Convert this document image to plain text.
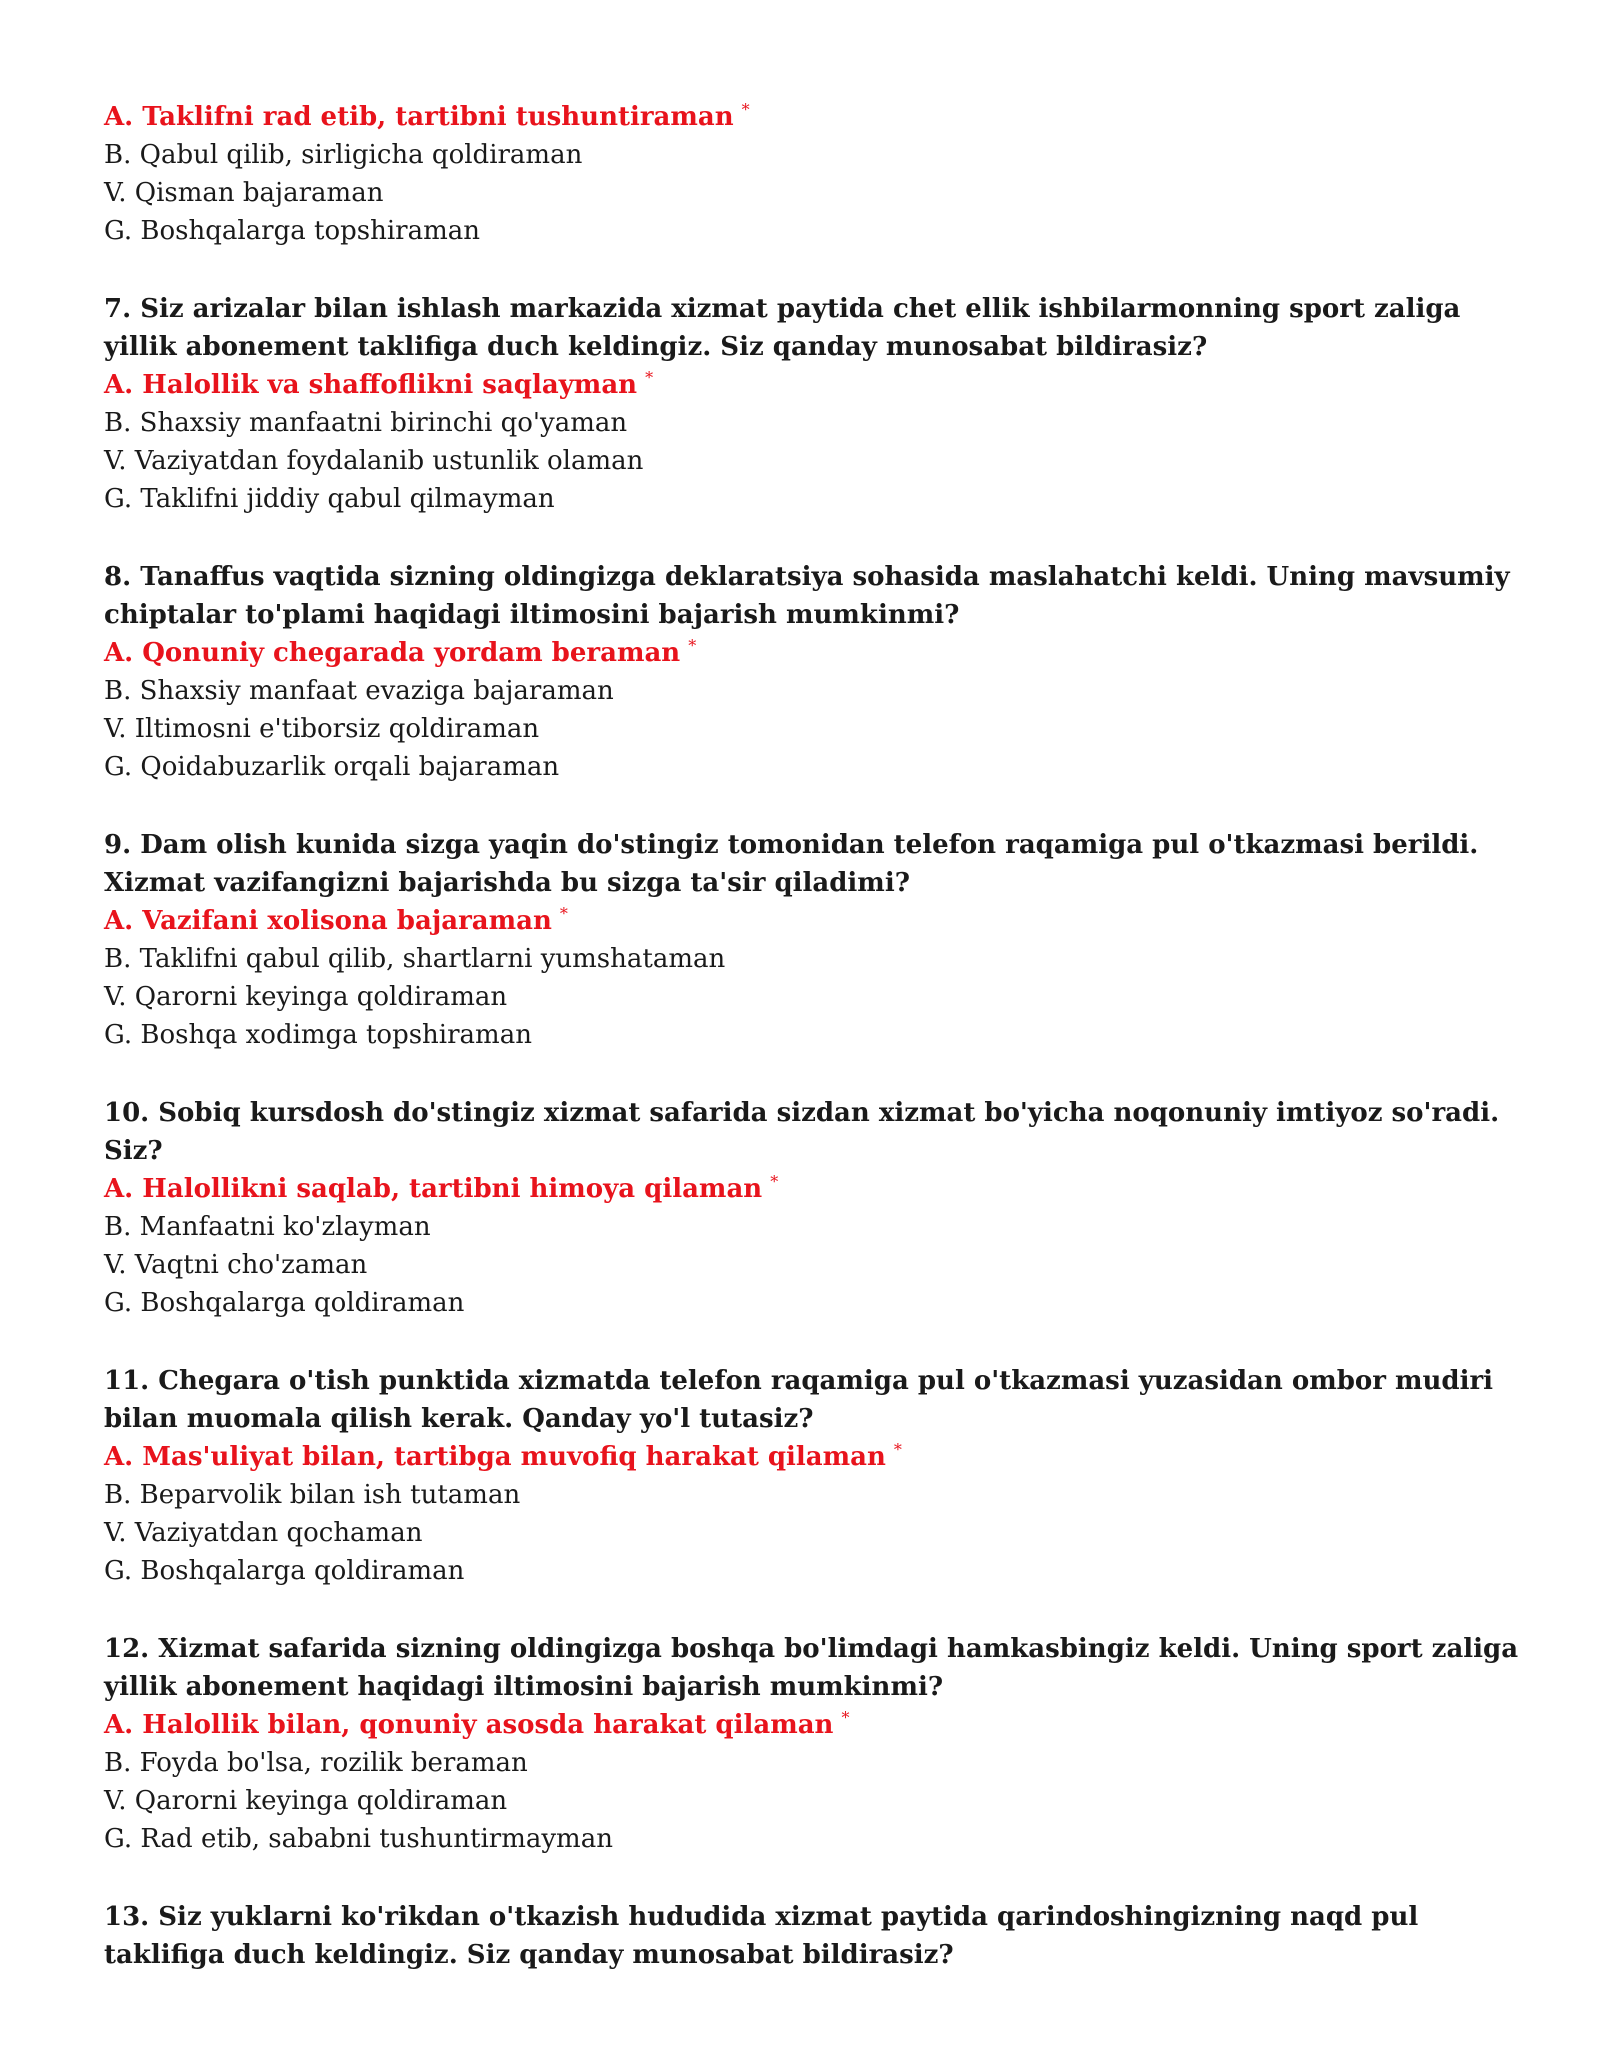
A. Taklifni rad etib, tartibni tushuntiraman *
B. Qabul qilib, sirligicha qoldiraman
V. Qisman bajaraman
G. Boshqalarga topshiraman
7. Siz arizalar bilan ishlash markazida xizmat paytida chet ellik ishbilarmonning sport zaliga yillik abonement taklifiga duch keldingiz. Siz qanday munosabat bildirasiz?
A. Halollik va shaffoflikni saqlayman *
B. Shaxsiy manfaatni birinchi qo'yaman
V. Vaziyatdan foydalanib ustunlik olaman
G. Taklifni jiddiy qabul qilmayman
8. Tanaffus vaqtida sizning oldingizga deklaratsiya sohasida maslahatchi keldi. Uning mavsumiy chiptalar to'plami haqidagi iltimosini bajarish mumkinmi?
A. Qonuniy chegarada yordam beraman *
B. Shaxsiy manfaat evaziga bajaraman
V. Iltimosni e'tiborsiz qoldiraman
G. Qoidabuzarlik orqali bajaraman
9. Dam olish kunida sizga yaqin do'stingiz tomonidan telefon raqamiga pul o'tkazmasi berildi. Xizmat vazifangizni bajarishda bu sizga ta'sir qiladimi?
A. Vazifani xolisona bajaraman *
B. Taklifni qabul qilib, shartlarni yumshataman
V. Qarorni keyinga qoldiraman
G. Boshqa xodimga topshiraman
10. Sobiq kursdosh do'stingiz xizmat safarida sizdan xizmat bo'yicha noqonuniy imtiyoz so'radi. Siz?
A. Halollikni saqlab, tartibni himoya qilaman *
B. Manfaatni ko'zlayman
V. Vaqtni cho'zaman
G. Boshqalarga qoldiraman
11. Chegara o'tish punktida xizmatda telefon raqamiga pul o'tkazmasi yuzasidan ombor mudiri bilan muomala qilish kerak. Qanday yo'l tutasiz?
A. Mas'uliyat bilan, tartibga muvofiq harakat qilaman *
B. Beparvolik bilan ish tutaman
V. Vaziyatdan qochaman
G. Boshqalarga qoldiraman
12. Xizmat safarida sizning oldingizga boshqa bo'limdagi hamkasbingiz keldi. Uning sport zaliga yillik abonement haqidagi iltimosini bajarish mumkinmi?
A. Halollik bilan, qonuniy asosda harakat qilaman *
B. Foyda bo'lsa, rozilik beraman
V. Qarorni keyinga qoldiraman
G. Rad etib, sababni tushuntirmayman
13. Siz yuklarni ko'rikdan o'tkazish hududida xizmat paytida qarindoshingizning naqd pul taklifiga duch keldingiz. Siz qanday munosabat bildirasiz?
